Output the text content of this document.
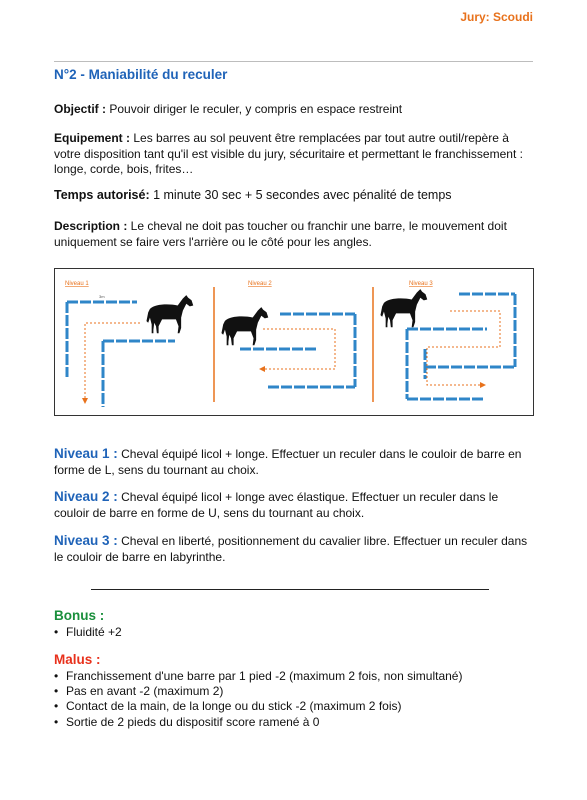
Jury: Scoudi
N°2 - Maniabilité du reculer
Objectif : Pouvoir diriger le reculer, y compris en espace restreint
Equipement : Les barres au sol peuvent être remplacées par tout autre outil/repère à votre disposition tant qu'il est visible du jury, sécuritaire et permettant le franchissement : longe, corde, bois, frites…
Temps autorisé: 1 minute 30 sec + 5 secondes avec pénalité de temps
Description : Le cheval ne doit pas toucher ou franchir une barre, le mouvement doit uniquement se faire vers l'arrière ou le côté pour les angles.
Niveau 1
3m
Niveau 2	Niveau 3
Niveau 1 : Cheval équipé licol + longe. Effectuer un reculer dans le couloir de barre en forme de L, sens du tournant au choix.
Niveau 2 : Cheval équipé licol + longe avec élastique. Effectuer un reculer dans le couloir de barre en forme de U, sens du tournant au choix.
Niveau 3 : Cheval en liberté, positionnement du cavalier libre. Effectuer un reculer dans le couloir de barre en labyrinthe.
Bonus :
• Fluidité +2
Malus :
• Franchissement d'une barre par 1 pied -2 (maximum 2 fois, non simultané)
• Pas en avant -2 (maximum 2)
• Contact de la main, de la longe ou du stick -2 (maximum 2 fois)
• Sortie de 2 pieds du dispositif score ramené à 0
